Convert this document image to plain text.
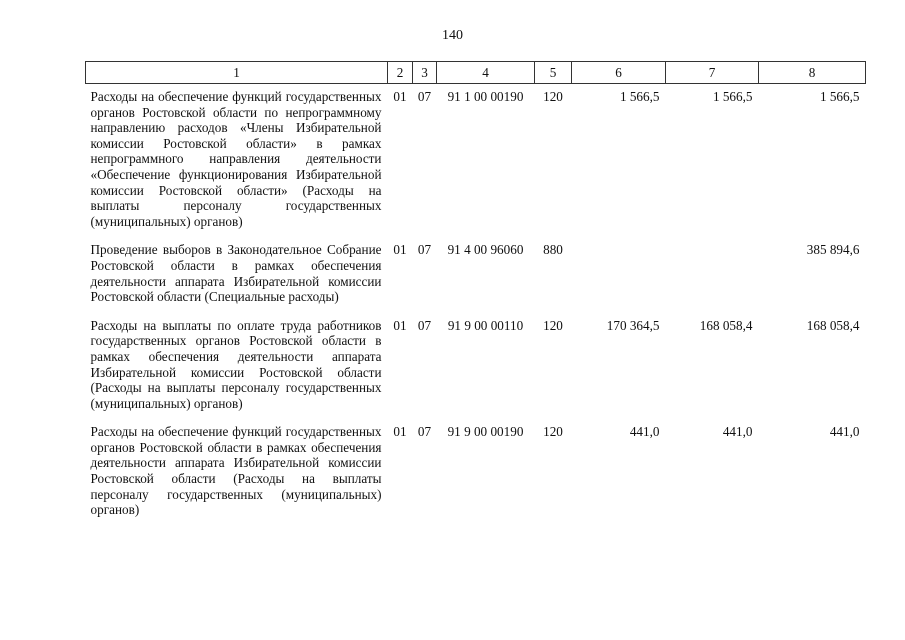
140
1	2	3	4	5	6	7	8
Расходы на обеспечение функций государственных органов Ростовской области по непрограммному направлению расходов «Члены Избирательной комиссии Ростовской области» в рамках непрограммного направления деятельности «Обеспечение функционирования Избирательной комиссии Ростовской области» (Расходы на выплаты персоналу государственных (муниципальных) органов)	01	07	91 1 00 00190	120	1 566,5	1 566,5	1 566,5
Проведение выборов в Законодательное Собрание Ростовской области в рамках обеспечения деятельности аппарата Избирательной комиссии Ростовской области (Специальные расходы)	01	07	91 4 00 96060	880			385 894,6
Расходы на выплаты по оплате труда работников государственных органов Ростовской области в рамках обеспечения деятельности аппарата Избирательной комиссии Ростовской области (Расходы на выплаты персоналу государственных (муниципальных) органов)	01	07	91 9 00 00110	120	170 364,5	168 058,4	168 058,4
Расходы на обеспечение функций государственных органов Ростовской области в рамках обеспечения деятельности аппарата Избирательной комиссии Ростовской области (Расходы на выплаты персоналу государственных (муниципальных) органов)	01	07	91 9 00 00190	120	441,0	441,0	441,0
